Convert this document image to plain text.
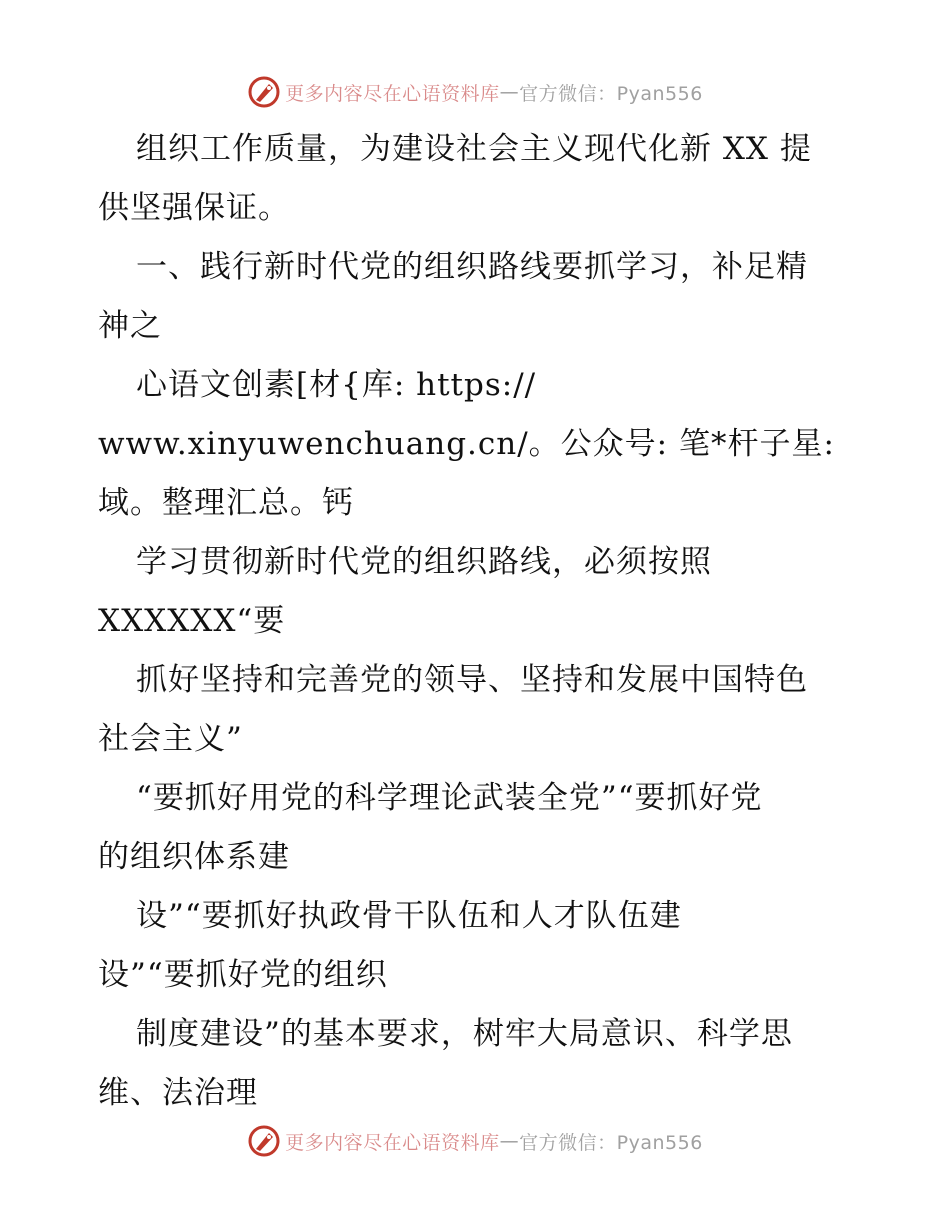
更多内容尽在心语资料库 — 官方微信：Pyan556
组织工作质量，为建设社会主义现代化新 XX 提
供坚强保证。
一、践行新时代党的组织路线要抓学习，补足精
神之
心语文创素[材{库: https://
www.xinyuwenchuang.cn/。公众号: 笔*杆子星:
域。整理汇总。钙
学习贯彻新时代党的组织路线，必须按照
XXXXXX“要
抓好坚持和完善党的领导、坚持和发展中国特色
社会主义”
“要抓好用党的科学理论武装全党”“要抓好党
的组织体系建
设”“要抓好执政骨干队伍和人才队伍建
设”“要抓好党的组织
制度建设”的基本要求，树牢大局意识、科学思
维、法治理
更多内容尽在心语资料库 — 官方微信：Pyan556
